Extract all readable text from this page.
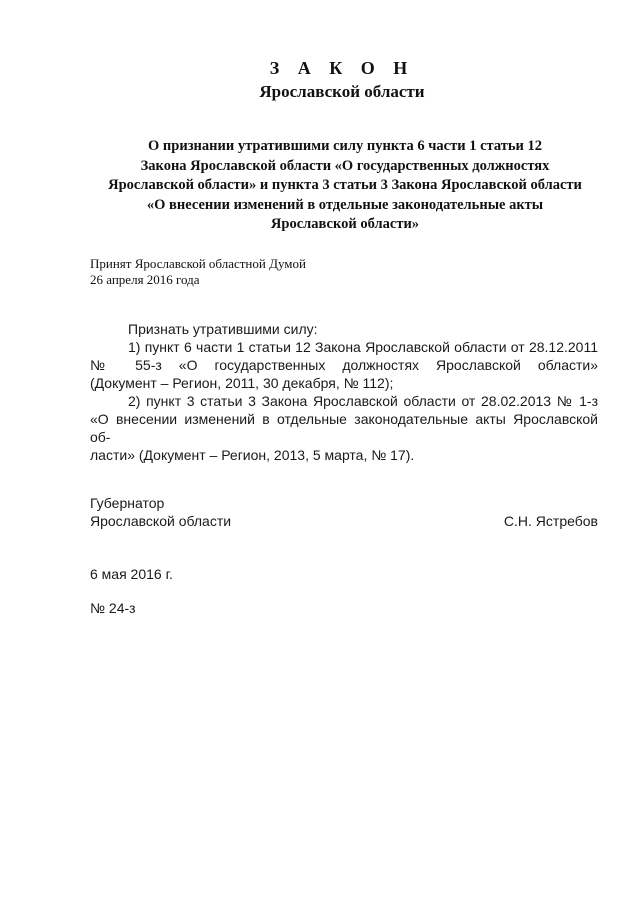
З А К О Н
Ярославской области
О признании утратившими силу пункта 6 части 1 статьи 12
Закона Ярославской области «О государственных должностях
Ярославской области» и пункта 3 статьи 3 Закона Ярославской области
«О внесении изменений в отдельные законодательные акты
Ярославской области»
Принят Ярославской областной Думой
26 апреля 2016 года
Признать утратившими силу:
1) пункт 6 части 1 статьи 12 Закона Ярославской области от 28.12.2011
№ 55-з «О государственных должностях Ярославской области»
(Документ – Регион, 2011, 30 декабря, № 112);
2) пункт 3 статьи 3 Закона Ярославской области от 28.02.2013 № 1-з
«О внесении изменений в отдельные законодательные акты Ярославской об-
ласти» (Документ – Регион, 2013, 5 марта, № 17).
Губернатор
Ярославской области	С.Н. Ястребов
6 мая 2016 г.
№ 24-з
